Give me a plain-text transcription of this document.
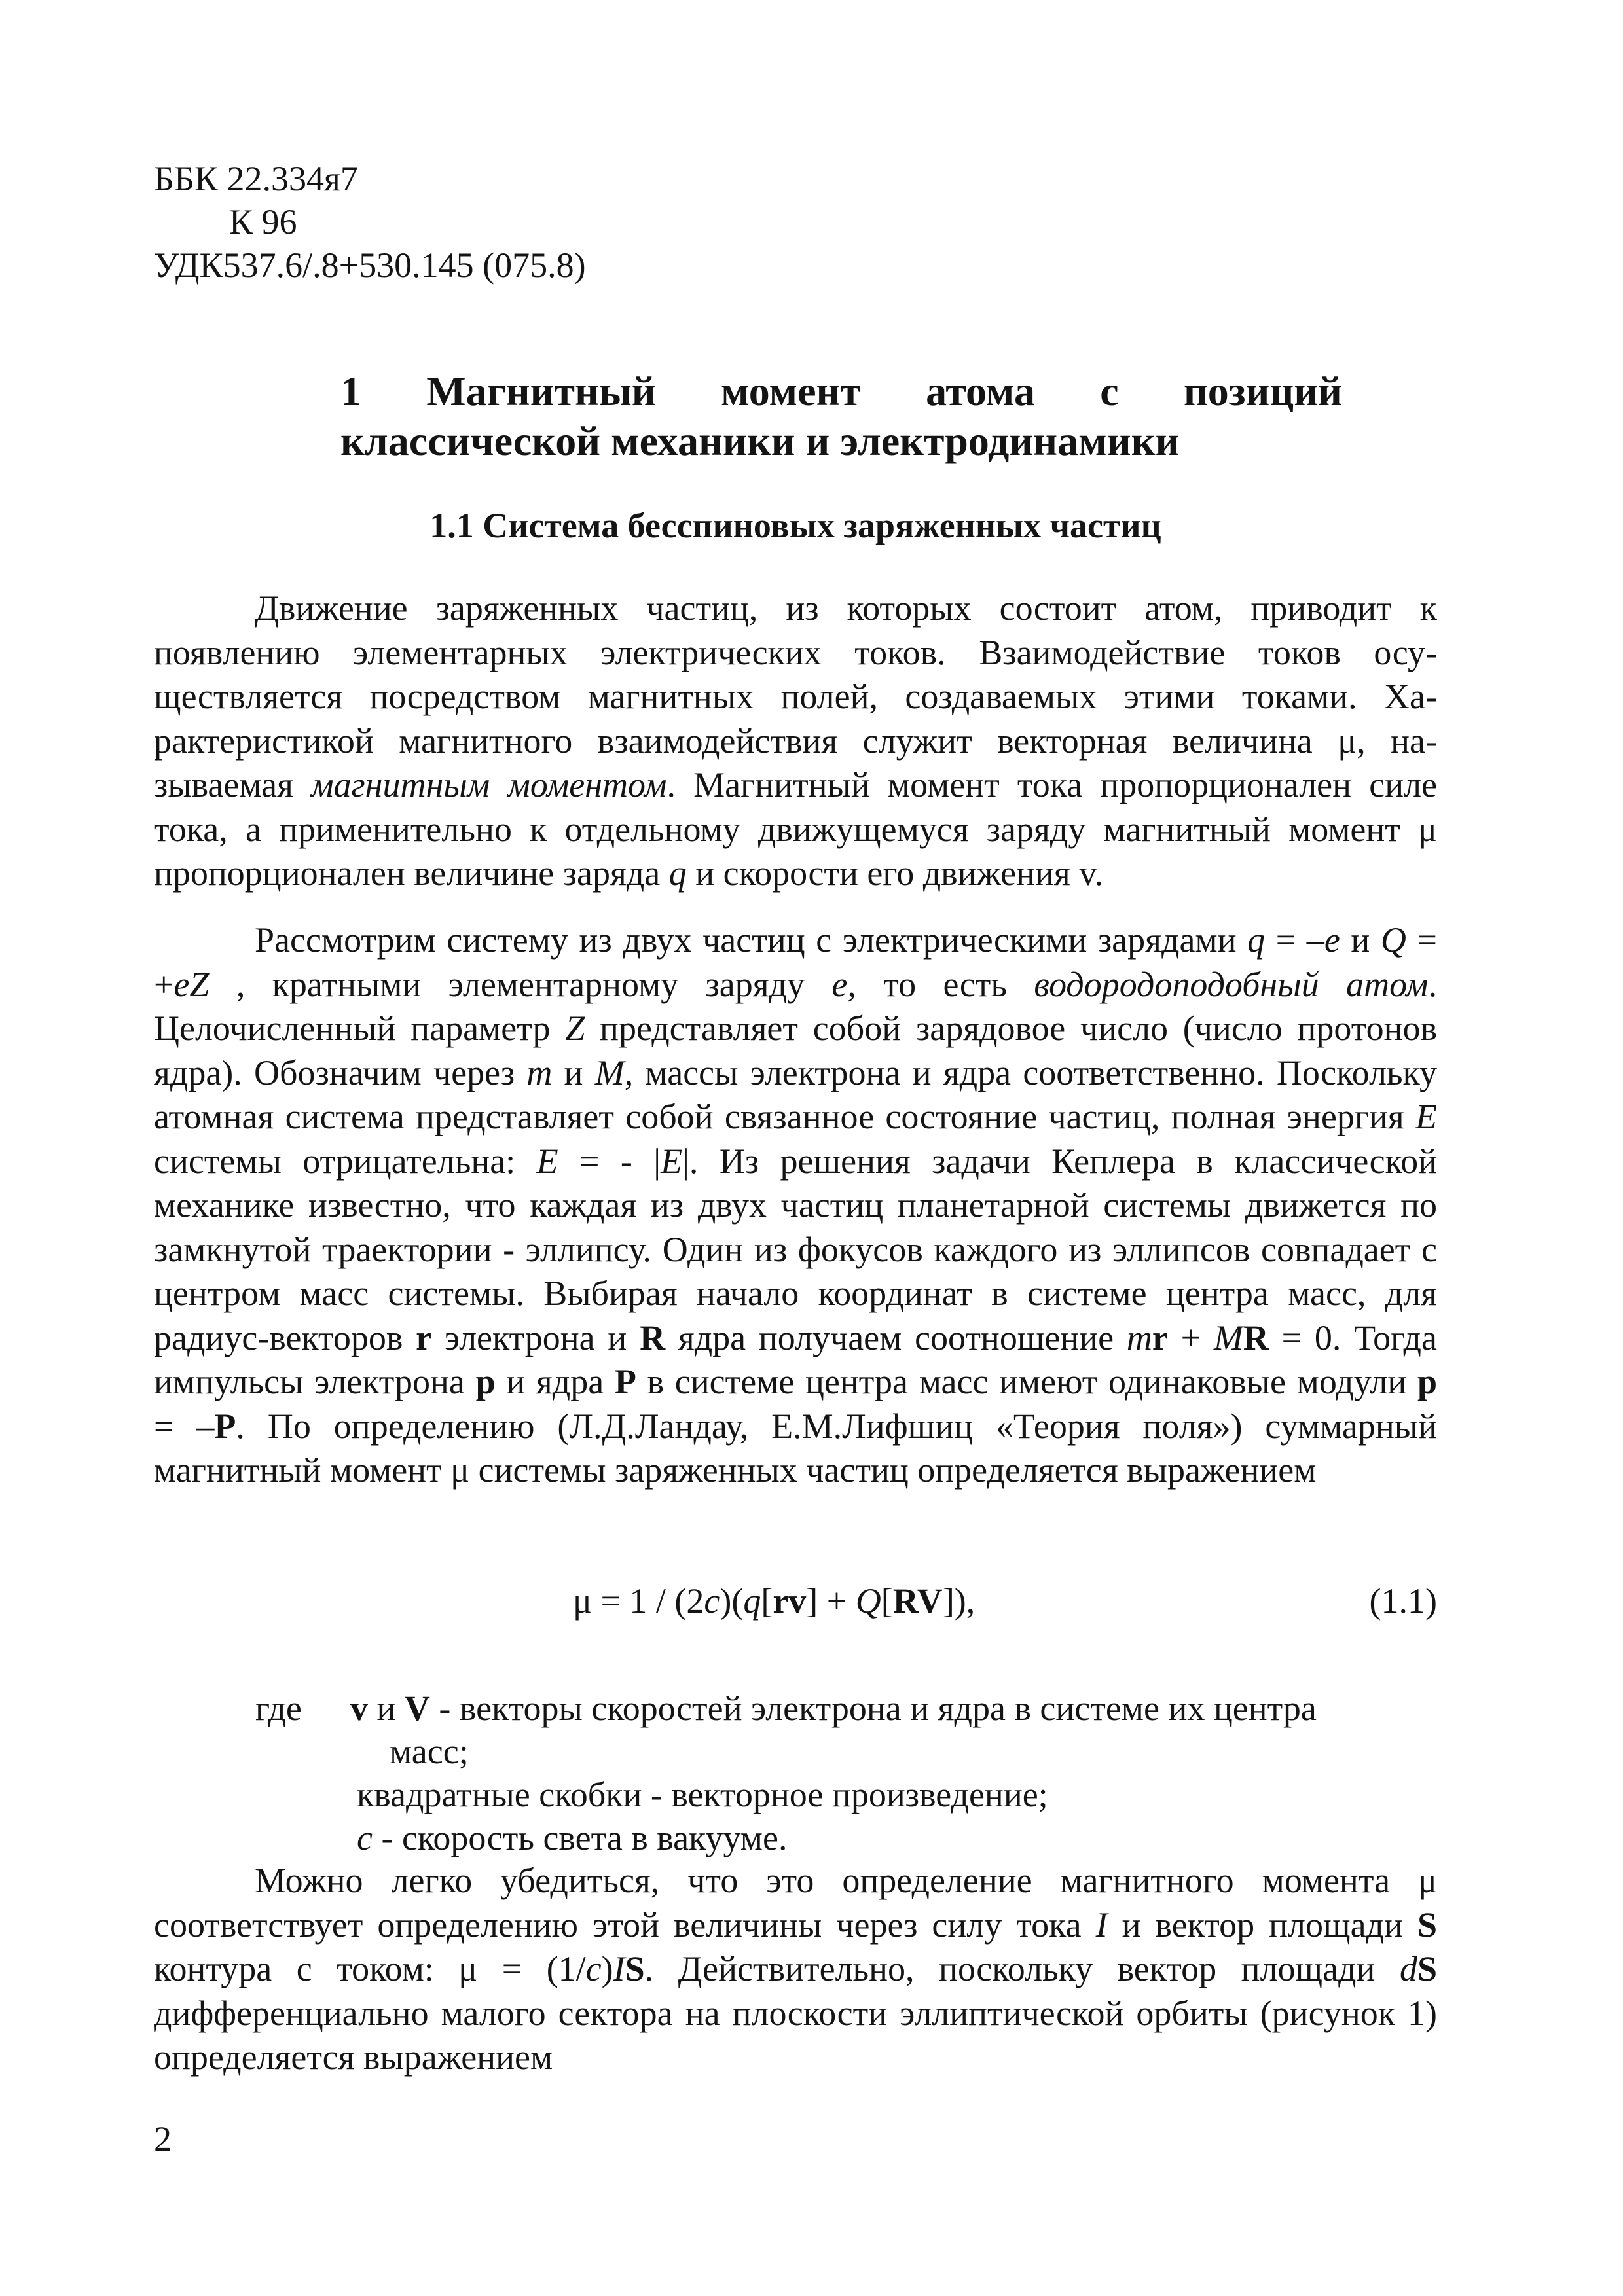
ББК 22.334я7
К 96
УДК537.6/.8+530.145 (075.8)
1 Магнитный момент атома с позиций
классической механики и электродинамики
1.1 Система бесспиновых заряженных частиц

Движение заряженных частиц, из которых состоит атом, приводит к появлению элементарных электрических токов. Взаимодействие токов осуществляется посредством магнитных полей, создаваемых этими токами. Характеристикой магнитного взаимодействия служит векторная величина μ, называемая магнитным моментом. Магнитный момент тока пропорционален силе тока, а применительно к отдельному движущемуся заряду магнитный момент μ пропорционален величине заряда q и скорости его движения v.

Рассмотрим систему из двух частиц с электрическими зарядами q = –e и Q = +eZ , кратными элементарному заряду e, то есть водородоподобный атом. Целочисленный параметр Z представляет собой зарядовое число (число протонов ядра). Обозначим через m и M, массы электрона и ядра соответственно. Поскольку атомная система представляет собой связанное состояние частиц, полная энергия E системы отрицательна: E = - |E|. Из решения задачи Кеплера в классической механике известно, что каждая из двух частиц планетарной системы движется по замкнутой траектории - эллипсу. Один из фокусов каждого из эллипсов совпадает с центром масс системы. Выбирая начало координат в системе центра масс, для радиус-векторов r электрона и R ядра получаем соотношение mr + MR = 0. Тогда импульсы электрона p и ядра P в системе центра масс имеют одинаковые модули p = –P. По определению (Л.Д.Ландау, Е.М.Лифшиц «Теория поля») суммарный магнитный момент μ системы заряженных частиц определяется выражением

μ = 1 / (2c)(q[rv] + Q[RV]),	(1.1)
где v и V - векторы скоростей электрона и ядра в системе их центра
масс;
квадратные скобки - векторное произведение;
c - скорость света в вакууме.

Можно легко убедиться, что это определение магнитного момента μ соответствует определению этой величины через силу тока I и вектор площади S контура с током: μ = (1/c)IS. Действительно, поскольку вектор площади dS дифференциально малого сектора на плоскости эллиптической орбиты (рисунок 1) определяется выражением

2
